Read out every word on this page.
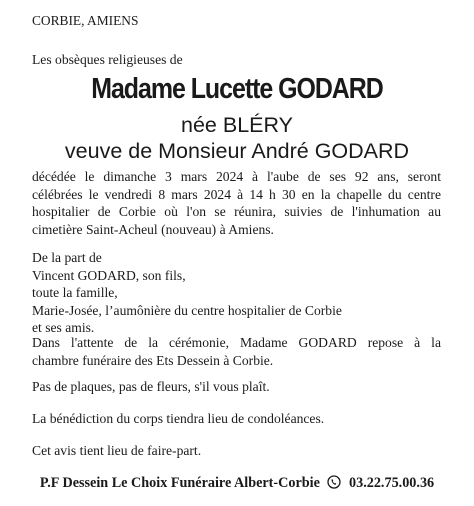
CORBIE, AMIENS
Les obsèques religieuses de
Madame Lucette GODARD
née BLÉRY
veuve de Monsieur André GODARD
décédée le dimanche 3 mars 2024 à l'aube de ses 92 ans, seront
célébrées le vendredi 8 mars 2024 à 14 h 30 en la chapelle du centre
hospitalier de Corbie où l'on se réunira, suivies de l'inhumation au
cimetière Saint-Acheul (nouveau) à Amiens.
De la part de
Vincent GODARD, son fils,
toute la famille,
Marie-Josée, l’aumônière du centre hospitalier de Corbie
et ses amis.
Dans l'attente de la cérémonie, Madame GODARD repose à la
chambre funéraire des Ets Dessein à Corbie.
Pas de plaques, pas de fleurs, s'il vous plaît.
La bénédiction du corps tiendra lieu de condoléances.
Cet avis tient lieu de faire-part.
P.F Dessein Le Choix Funéraire Albert-Corbie 03.22.75.00.36
